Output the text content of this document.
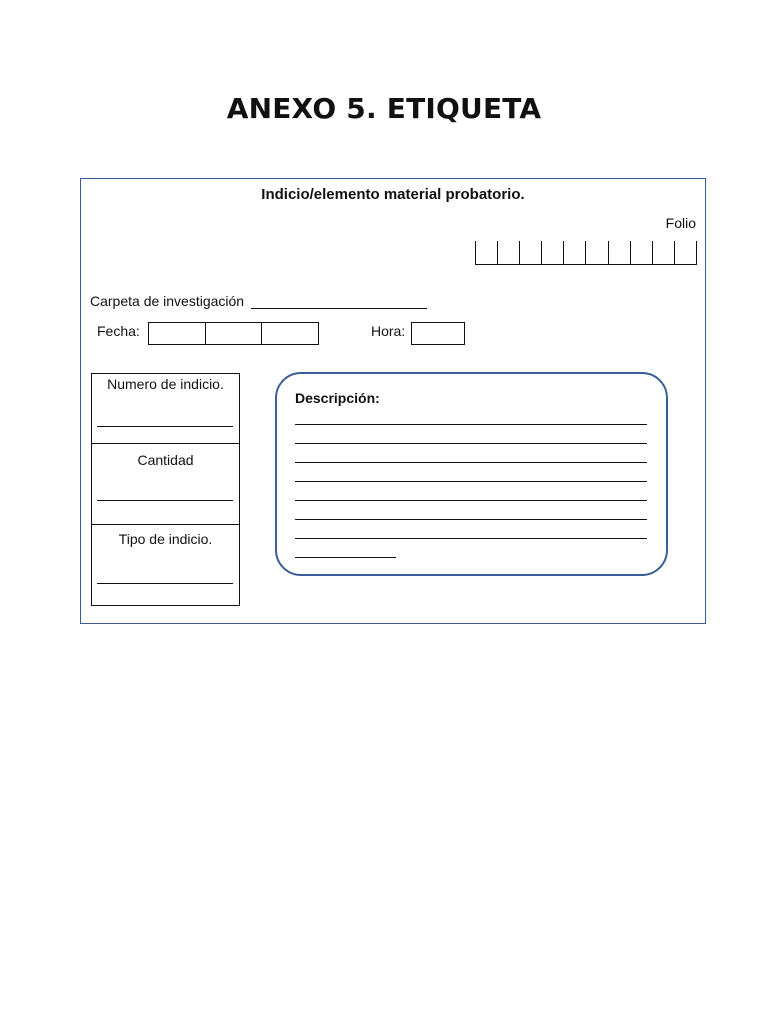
ANEXO 5. ETIQUETA
Indicio/elemento material probatorio.
Folio
Carpeta de investigación
Fecha:	Hora:
Numero de indicio.
Cantidad
Tipo de indicio.
Descripción:
